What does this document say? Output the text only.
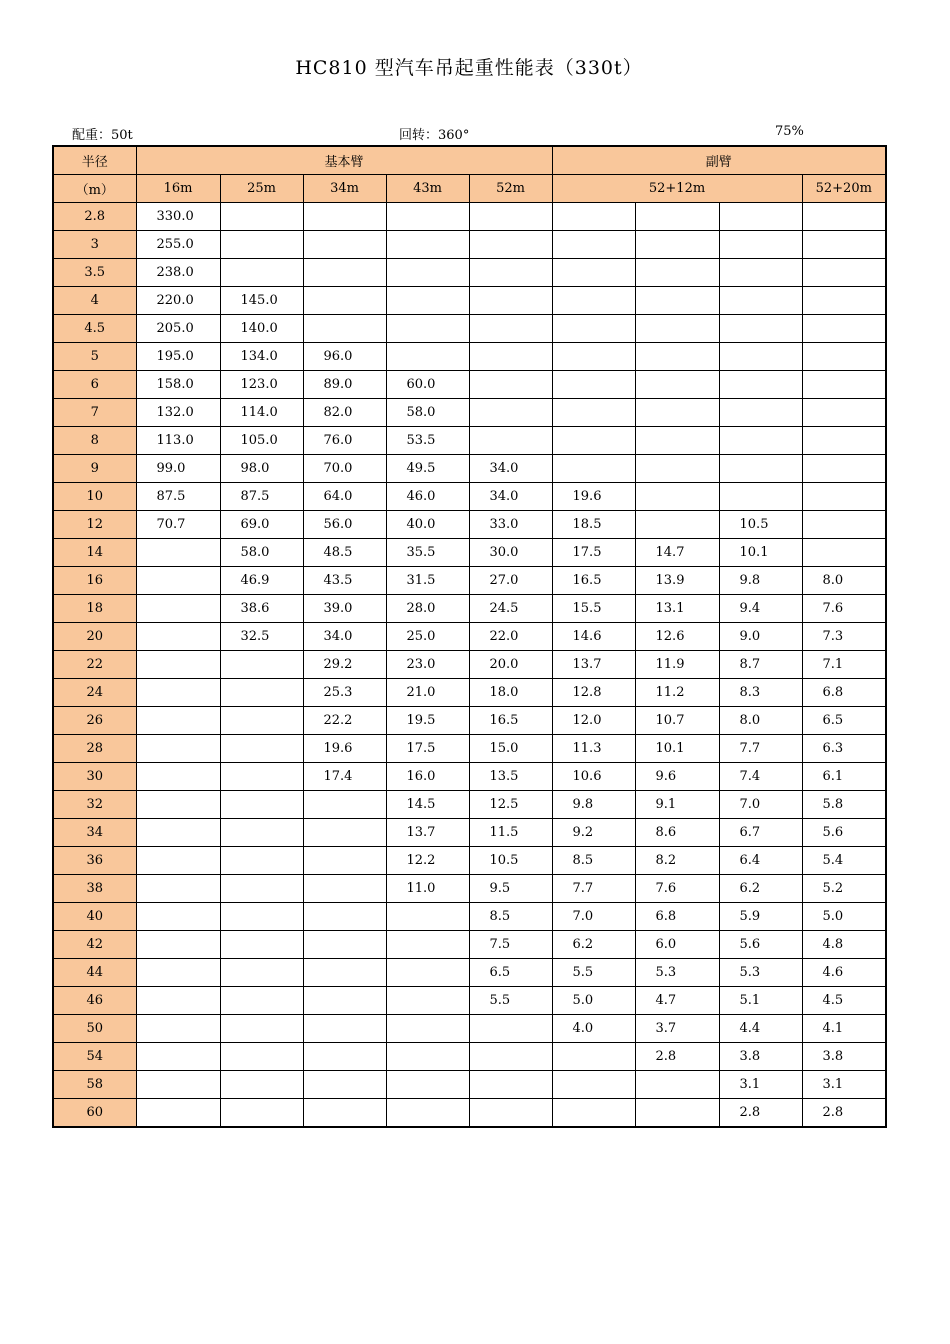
HC810 型汽车吊起重性能表（330t）
配重：50t	回转：360°	75%
半径	基本臂					副臂			
（m）	16m	25m	34m	43m	52m	52+12m			52+20m
2.8	330.0								
3	255.0								
3.5	238.0								
4	220.0	145.0							
4.5	205.0	140.0							
5	195.0	134.0	96.0						
6	158.0	123.0	89.0	60.0					
7	132.0	114.0	82.0	58.0					
8	113.0	105.0	76.0	53.5					
9	99.0	98.0	70.0	49.5	34.0				
10	87.5	87.5	64.0	46.0	34.0	19.6			
12	70.7	69.0	56.0	40.0	33.0	18.5		10.5	
14		58.0	48.5	35.5	30.0	17.5	14.7	10.1	
16		46.9	43.5	31.5	27.0	16.5	13.9	9.8	8.0
18		38.6	39.0	28.0	24.5	15.5	13.1	9.4	7.6
20		32.5	34.0	25.0	22.0	14.6	12.6	9.0	7.3
22			29.2	23.0	20.0	13.7	11.9	8.7	7.1
24			25.3	21.0	18.0	12.8	11.2	8.3	6.8
26			22.2	19.5	16.5	12.0	10.7	8.0	6.5
28			19.6	17.5	15.0	11.3	10.1	7.7	6.3
30			17.4	16.0	13.5	10.6	9.6	7.4	6.1
32				14.5	12.5	9.8	9.1	7.0	5.8
34				13.7	11.5	9.2	8.6	6.7	5.6
36				12.2	10.5	8.5	8.2	6.4	5.4
38				11.0	9.5	7.7	7.6	6.2	5.2
40					8.5	7.0	6.8	5.9	5.0
42					7.5	6.2	6.0	5.6	4.8
44					6.5	5.5	5.3	5.3	4.6
46					5.5	5.0	4.7	5.1	4.5
50						4.0	3.7	4.4	4.1
54							2.8	3.8	3.8
58								3.1	3.1
60								2.8	2.8
